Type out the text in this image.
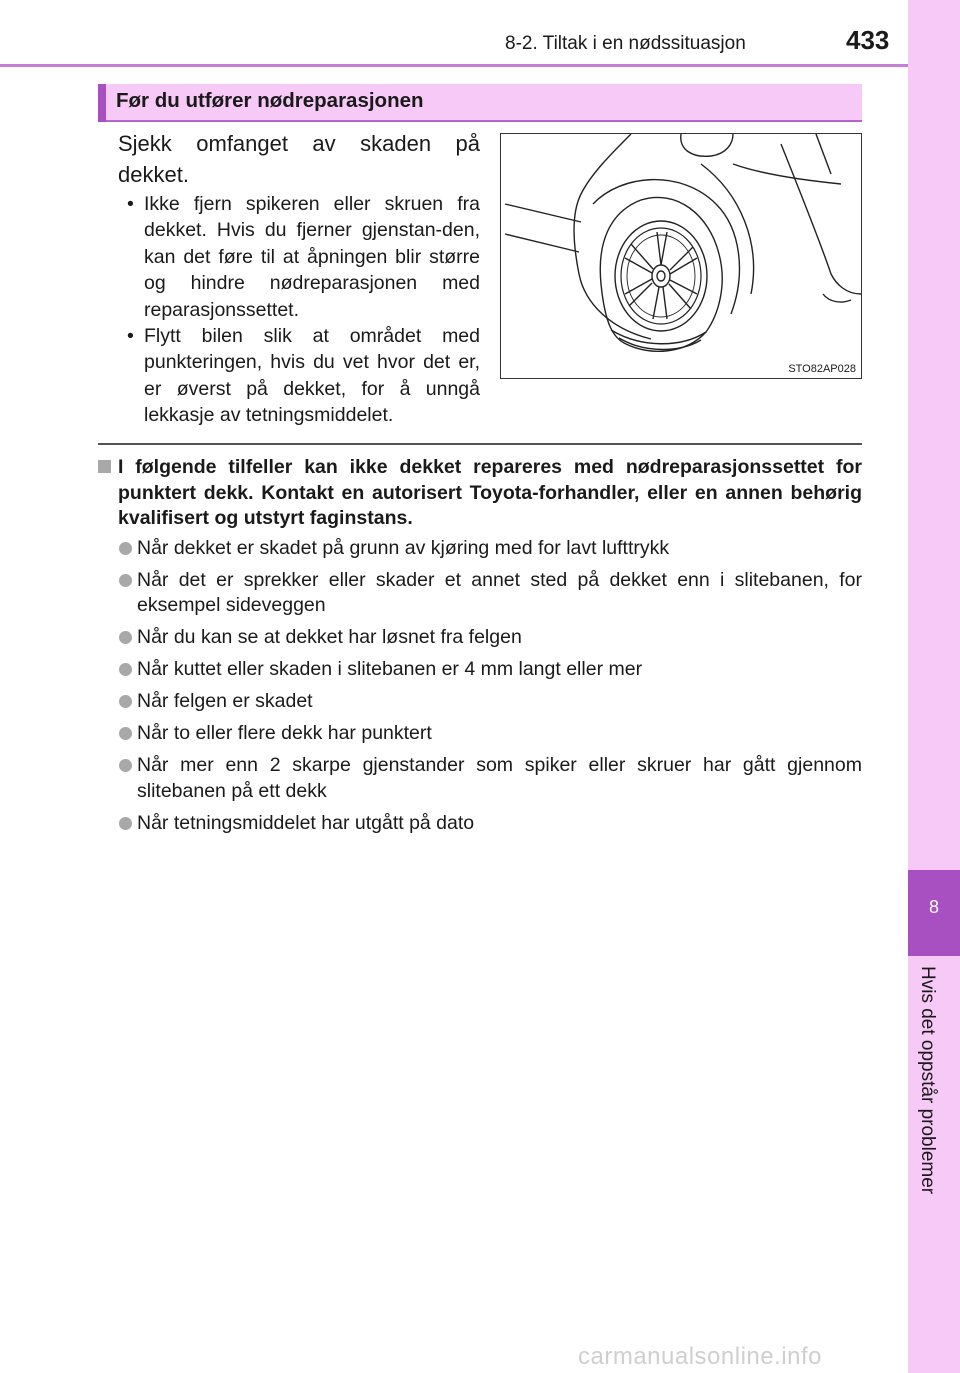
8-2. Tiltak i en nødssituasjon	433
8
Hvis det oppstår problemer
Før du utfører nødreparasjonen
Sjekk omfanget av skaden på dekket.
• Ikke fjern spikeren eller skruen fra dekket. Hvis du fjerner gjenstan-den, kan det føre til at åpningen blir større og hindre nødreparasjonen med reparasjonssettet.
• Flytt bilen slik at området med punkteringen, hvis du vet hvor det er, er øverst på dekket, for å unngå lekkasje av tetningsmiddelet.
STO82AP028
I følgende tilfeller kan ikke dekket repareres med nødreparasjonssettet for punktert dekk. Kontakt en autorisert Toyota-forhandler, eller en annen behørig kvalifisert og utstyrt faginstans.
Når dekket er skadet på grunn av kjøring med for lavt lufttrykk
Når det er sprekker eller skader et annet sted på dekket enn i slitebanen, for eksempel sideveggen
Når du kan se at dekket har løsnet fra felgen
Når kuttet eller skaden i slitebanen er 4 mm langt eller mer
Når felgen er skadet
Når to eller flere dekk har punktert
Når mer enn 2 skarpe gjenstander som spiker eller skruer har gått gjennom slitebanen på ett dekk
Når tetningsmiddelet har utgått på dato
carmanualsonline.info
